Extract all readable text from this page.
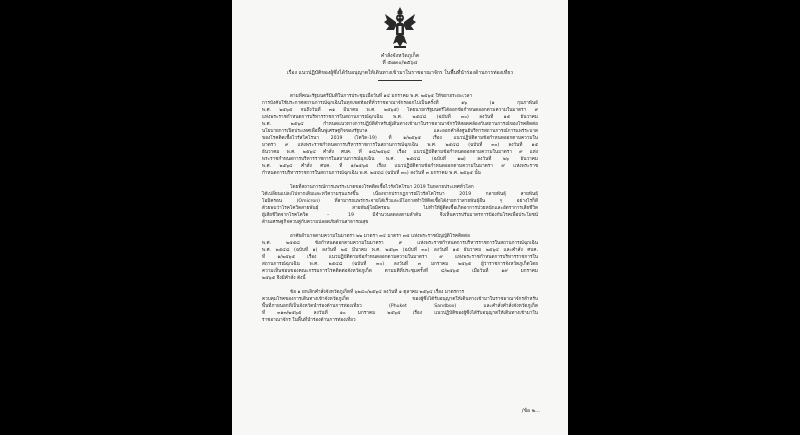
คำสั่งจังหวัดภูเก็ต
ที่ ๕๗๓๐/๒๕๖๔
เรื่อง แนวปฏิบัติของผู้ซึ่งได้รับอนุญาตให้เดินทางเข้ามาในราชอาณาจักร ในพื้นที่นำร่องด้านการท่องเที่ยว
ตามที่คณะรัฐมนตรีมีมติในการประชุมเมื่อวันที่ ๑๔ มกราคม พ.ศ. ๒๕๖๕ ให้ขยายระยะเวลา
การบังคับใช้ประกาศสถานการณ์ฉุกเฉินในทุกเขตท้องที่ทั่วราชอาณาจักรออกไปเป็นครั้งที่ ๑๖ (๑ กุมภาพันธ์
พ.ศ. ๒๕๖๕ จนถึงวันที่ ๓๑ มีนาคม พ.ศ. ๒๕๖๕) โดยนายกรัฐมนตรีได้ออกข้อกำหนดออกตามความในมาตรา ๙
แห่งพระราชกำหนดการบริหารราชการในสถานการณ์ฉุกเฉิน พ.ศ. ๒๕๔๘ (ฉบับที่ ๓๐) ลงวันที่ ๑๕ ธันวาคม
พ.ศ. ๒๕๖๔ กำหนดแนวทางการปฏิบัติสำหรับผู้เดินทางเข้ามาในราชอาณาจักรให้สอดคล้องกับสถานการณ์ของโรคติดต่อ
นโยบายการเปิดประเทศเพื่อฟื้นฟูเศรษฐกิจของรัฐบาล และออกคำสั่งศูนย์บริหารสถานการณ์การแพร่ระบาด
ของโรคติดเชื้อไวรัสโคโรนา 2019 (โควิด-19) ที่ ๑/๒๕๖๕ เรื่อง แนวปฏิบัติตามข้อกำหนดออกตามความใน
มาตรา ๙ แห่งพระราชกำหนดการบริหารราชการในสถานการณ์ฉุกเฉิน พ.ศ. ๒๕๔๘ (ฉบับที่ ๓๐) ลงวันที่ ๑๕
ธันวาคม พ.ศ. ๒๕๖๔ คำสั่ง ศบค. ที่ ๑๔/๒๕๖๔ เรื่อง แนวปฏิบัติตามข้อกำหนดออกตามความในมาตรา ๙ แห่ง
พระราชกำหนดการบริหารราชการในสถานการณ์ฉุกเฉิน พ.ศ. ๒๕๔๘ (ฉบับที่ ๑๗) ลงวันที่ ๒๖ ธันวาคม
พ.ศ. ๒๕๖๔ คำสั่ง ศบค. ที่ ๑/๒๕๖๕ เรื่อง แนวปฏิบัติตามข้อกำหนดออกตามความในมาตรา ๙ แห่งพระราช
กำหนดการบริหารราชการในสถานการณ์ฉุกเฉิน พ.ศ. ๒๕๔๘ (ฉบับที่ ๓๐) ลงวันที่ ๓ มกราคม พ.ศ. ๒๕๖๕ นั้น
โดยที่สถานการณ์การแพร่ระบาดของโรคติดเชื้อไวรัสโคโรนา 2019 ในหลายประเทศทั่วโลก
ได้เปลี่ยนแปลงไปจากเดิมและทวีความรุนแรงขึ้น เนื่องจากปรากฏการณ์ไวรัสโคโรนา 2019 กลายพันธุ์ สายพันธุ์
โอมิครอน (Omicron) ที่สามารถแพร่กระจายได้เร็วและมีโอกาสทำให้ติดเชื้อได้ง่ายกว่าสายพันธุ์อื่น ๆ อย่างไรก็ดี
ด้วยพบว่าโรคโควิดสายพันธุ์ สายพันธุ์โอมิครอน ไม่ทำให้ผู้ติดเชื้อเกิดอาการป่วยหนักและอัตราการเสียชีวิต
ผู้เสียชีวิตจากโรคโควิด – 19 มีจำนวนลดลงตามลำดับ จึงเห็นควรปรับมาตรการป้องกันโรคเพื่อประโยชน์
ด้านเศรษฐกิจควบคู่กับความปลอดภัยด้านสาธารณสุข
อาศัยอำนาจตามความในมาตรา ๒๒ มาตรา ๓๔ มาตรา ๓๕ แห่งพระราชบัญญัติโรคติดต่อ
พ.ศ. ๒๕๕๘ ข้อกำหนดออกตามความในมาตรา ๙ แห่งพระราชกำหนดการบริหารราชการในสถานการณ์ฉุกเฉิน
พ.ศ. ๒๕๔๘ (ฉบับที่ ๑) ลงวันที่ ๒๕ มีนาคม พ.ศ. ๒๕๖๓ (ฉบับที่ ๓๐) ลงวันที่ ๑๕ ธันวาคม ๒๕๖๔ และคำสั่ง ศบค.
ที่ ๑/๒๕๖๕ เรื่อง แนวปฏิบัติตามข้อกำหนดออกตามความในมาตรา ๙ แห่งพระราชกำหนดการบริหารราชการใน
สถานการณ์ฉุกเฉิน พ.ศ. ๒๕๔๘ (ฉบับที่ ๓๐) ลงวันที่ ๓ มกราคม ๒๕๖๕ ผู้ว่าราชการจังหวัดภูเก็ตโดย
ความเห็นชอบของคณะกรรมการโรคติดต่อจังหวัดภูเก็ต ตามมติที่ประชุมครั้งที่ ๔/๒๕๖๕ เมื่อวันที่ ๑๙ มกราคม
๒๕๖๕ จึงมีคำสั่ง ดังนี้
ข้อ ๑ ยกเลิกคำสั่งจังหวัดภูเก็ตที่ ๖๒๔๐/๒๕๖๔ ลงวันที่ ๑ ตุลาคม ๒๕๖๔ เรื่อง มาตรการ
ควบคุมโรคของการเดินทางเข้าจังหวัดภูเก็ต ของผู้ซึ่งได้รับอนุญาตให้เดินทางเข้ามาในราชอาณาจักรสำหรับ
พื้นที่ภายนอกที่เป็นจังหวัดนำร่องด้านการท่องเที่ยว (Phuket Sandbox) และคำสั่งคำสั่งจังหวัดภูเก็ต
ที่ ๓๑๓/๒๕๖๕ ลงวันที่ ๑๐ มกราคม ๒๕๖๕ เรื่อง แนวปฏิบัติของผู้ซึ่งได้รับอนุญาตให้เดินทางเข้ามาใน
ราชอาณาจักร ในพื้นที่นำร่องด้านการท่องเที่ยว
/ข้อ ๒...
